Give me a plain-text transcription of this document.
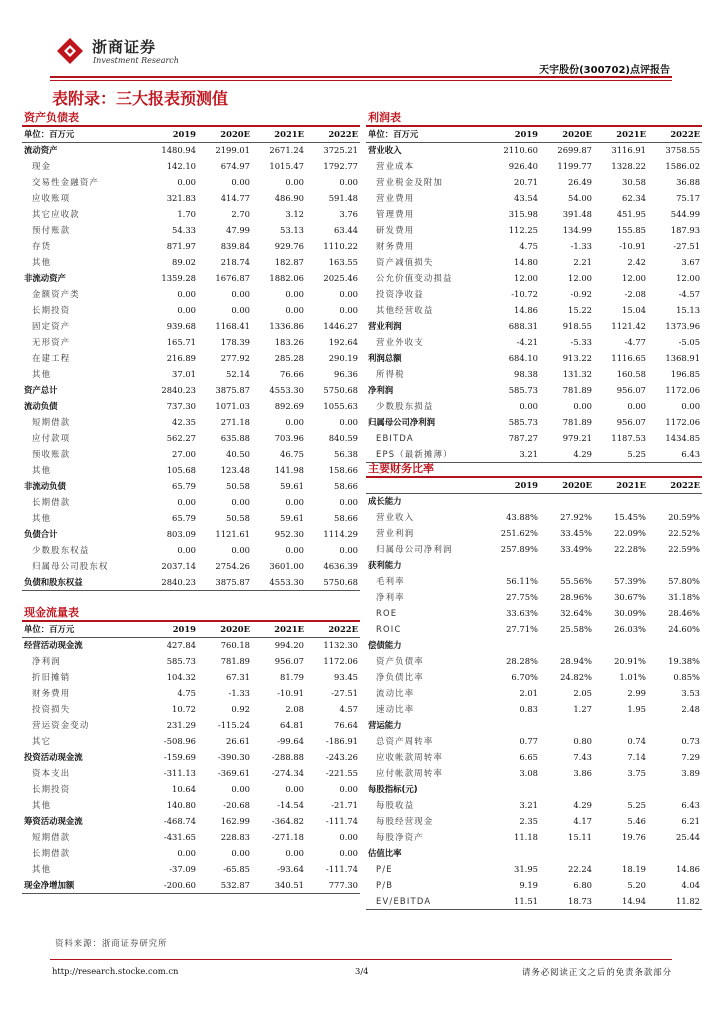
浙商证券
Investment Research
天宇股份(300702)点评报告
表附录：三大报表预测值
资产负债表				
单位：百万元	2019	2020E	2021E	2022E
流动资产	1480.94	2199.01	2671.24	3725.21
现金	142.10	674.97	1015.47	1792.77
交易性金融资产	0.00	0.00	0.00	0.00
应收账项	321.83	414.77	486.90	591.48
其它应收款	1.70	2.70	3.12	3.76
预付账款	54.33	47.99	53.13	63.44
存货	871.97	839.84	929.76	1110.22
其他	89.02	218.74	182.87	163.55
非流动资产	1359.28	1676.87	1882.06	2025.46
金额资产类	0.00	0.00	0.00	0.00
长期投资	0.00	0.00	0.00	0.00
固定资产	939.68	1168.41	1336.86	1446.27
无形资产	165.71	178.39	183.26	192.64
在建工程	216.89	277.92	285.28	290.19
其他	37.01	52.14	76.66	96.36
资产总计	2840.23	3875.87	4553.30	5750.68
流动负债	737.30	1071.03	892.69	1055.63
短期借款	42.35	271.18	0.00	0.00
应付款项	562.27	635.88	703.96	840.59
预收账款	27.00	40.50	46.75	56.38
其他	105.68	123.48	141.98	158.66
非流动负债	65.79	50.58	59.61	58.66
长期借款	0.00	0.00	0.00	0.00
其他	65.79	50.58	59.61	58.66
负债合计	803.09	1121.61	952.30	1114.29
少数股东权益	0.00	0.00	0.00	0.00
归属母公司股东权	2037.14	2754.26	3601.00	4636.39
负债和股东权益	2840.23	3875.87	4553.30	5750.68
现金流量表				
单位：百万元	2019	2020E	2021E	2022E
经营活动现金流	427.84	760.18	994.20	1132.30
净利润	585.73	781.89	956.07	1172.06
折旧摊销	104.32	67.31	81.79	93.45
财务费用	4.75	-1.33	-10.91	-27.51
投资损失	10.72	0.92	2.08	4.57
营运资金变动	231.29	-115.24	64.81	76.64
其它	-508.96	26.61	-99.64	-186.91
投资活动现金流	-159.69	-390.30	-288.88	-243.26
资本支出	-311.13	-369.61	-274.34	-221.55
长期投资	10.64	0.00	0.00	0.00
其他	140.80	-20.68	-14.54	-21.71
筹资活动现金流	-468.74	162.99	-364.82	-111.74
短期借款	-431.65	228.83	-271.18	0.00
长期借款	0.00	0.00	0.00	0.00
其他	-37.09	-65.85	-93.64	-111.74
现金净增加额	-200.60	532.87	340.51	777.30
利润表				
单位：百万元	2019	2020E	2021E	2022E
营业收入	2110.60	2699.87	3116.91	3758.55
营业成本	926.40	1199.77	1328.22	1586.02
营业税金及附加	20.71	26.49	30.58	36.88
营业费用	43.54	54.00	62.34	75.17
管理费用	315.98	391.48	451.95	544.99
研发费用	112.25	134.99	155.85	187.93
财务费用	4.75	-1.33	-10.91	-27.51
资产减值损失	14.80	2.21	2.42	3.67
公允价值变动损益	12.00	12.00	12.00	12.00
投资净收益	-10.72	-0.92	-2.08	-4.57
其他经营收益	14.86	15.22	15.04	15.13
营业利润	688.31	918.55	1121.42	1373.96
营业外收支	-4.21	-5.33	-4.77	-5.05
利润总额	684.10	913.22	1116.65	1368.91
所得税	98.38	131.32	160.58	196.85
净利润	585.73	781.89	956.07	1172.06
少数股东损益	0.00	0.00	0.00	0.00
归属母公司净利润	585.73	781.89	956.07	1172.06
EBITDA	787.27	979.21	1187.53	1434.85
EPS（最新摊薄）	3.21	4.29	5.25	6.43
主要财务比率				
	2019	2020E	2021E	2022E
成长能力				
营业收入	43.88%	27.92%	15.45%	20.59%
营业利润	251.62%	33.45%	22.09%	22.52%
归属母公司净利润	257.89%	33.49%	22.28%	22.59%
获利能力				
毛利率	56.11%	55.56%	57.39%	57.80%
净利率	27.75%	28.96%	30.67%	31.18%
ROE	33.63%	32.64%	30.09%	28.46%
ROIC	27.71%	25.58%	26.03%	24.60%
偿债能力				
资产负债率	28.28%	28.94%	20.91%	19.38%
净负债比率	6.70%	24.82%	1.01%	0.85%
流动比率	2.01	2.05	2.99	3.53
速动比率	0.83	1.27	1.95	2.48
营运能力				
总资产周转率	0.77	0.80	0.74	0.73
应收帐款周转率	6.65	7.43	7.14	7.29
应付帐款周转率	3.08	3.86	3.75	3.89
每股指标(元)				
每股收益	3.21	4.29	5.25	6.43
每股经营现金	2.35	4.17	5.46	6.21
每股净资产	11.18	15.11	19.76	25.44
估值比率				
P/E	31.95	22.24	18.19	14.86
P/B	9.19	6.80	5.20	4.04
EV/EBITDA	11.51	18.73	14.94	11.82
资料来源：浙商证券研究所
http://research.stocke.com.cn	3/4	请务必阅读正文之后的免责条款部分
